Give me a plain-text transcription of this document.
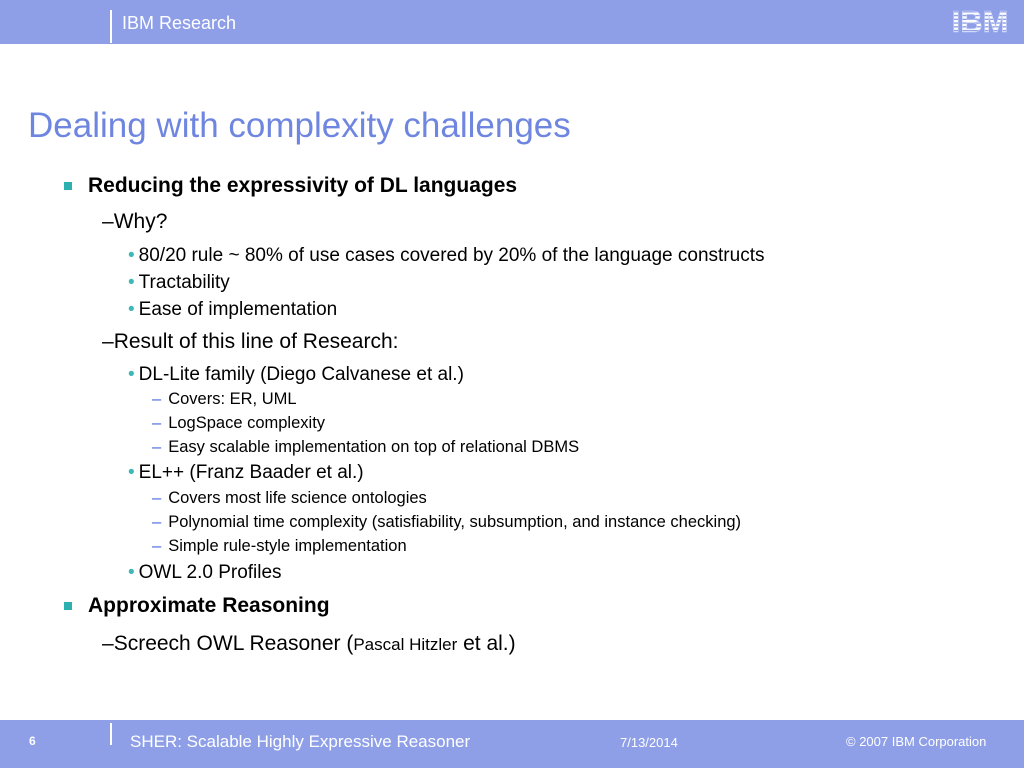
IBM Research	IBM
Dealing with complexity challenges
Reducing the expressivity of DL languages
–Why?
• 80/20 rule ~ 80% of use cases covered by 20% of the language constructs
• Tractability
• Ease of implementation
–Result of this line of Research:
• DL-Lite family (Diego Calvanese et al.)
– Covers: ER, UML
– LogSpace complexity
– Easy scalable implementation on top of relational DBMS
• EL++ (Franz Baader et al.)
– Covers most life science ontologies
– Polynomial time complexity (satisfiability, subsumption, and instance checking)
– Simple rule-style implementation
• OWL 2.0 Profiles
Approximate Reasoning
–Screech OWL Reasoner (Pascal Hitzler et al.)
6	SHER: Scalable Highly Expressive Reasoner	7/13/2014	© 2007 IBM Corporation
